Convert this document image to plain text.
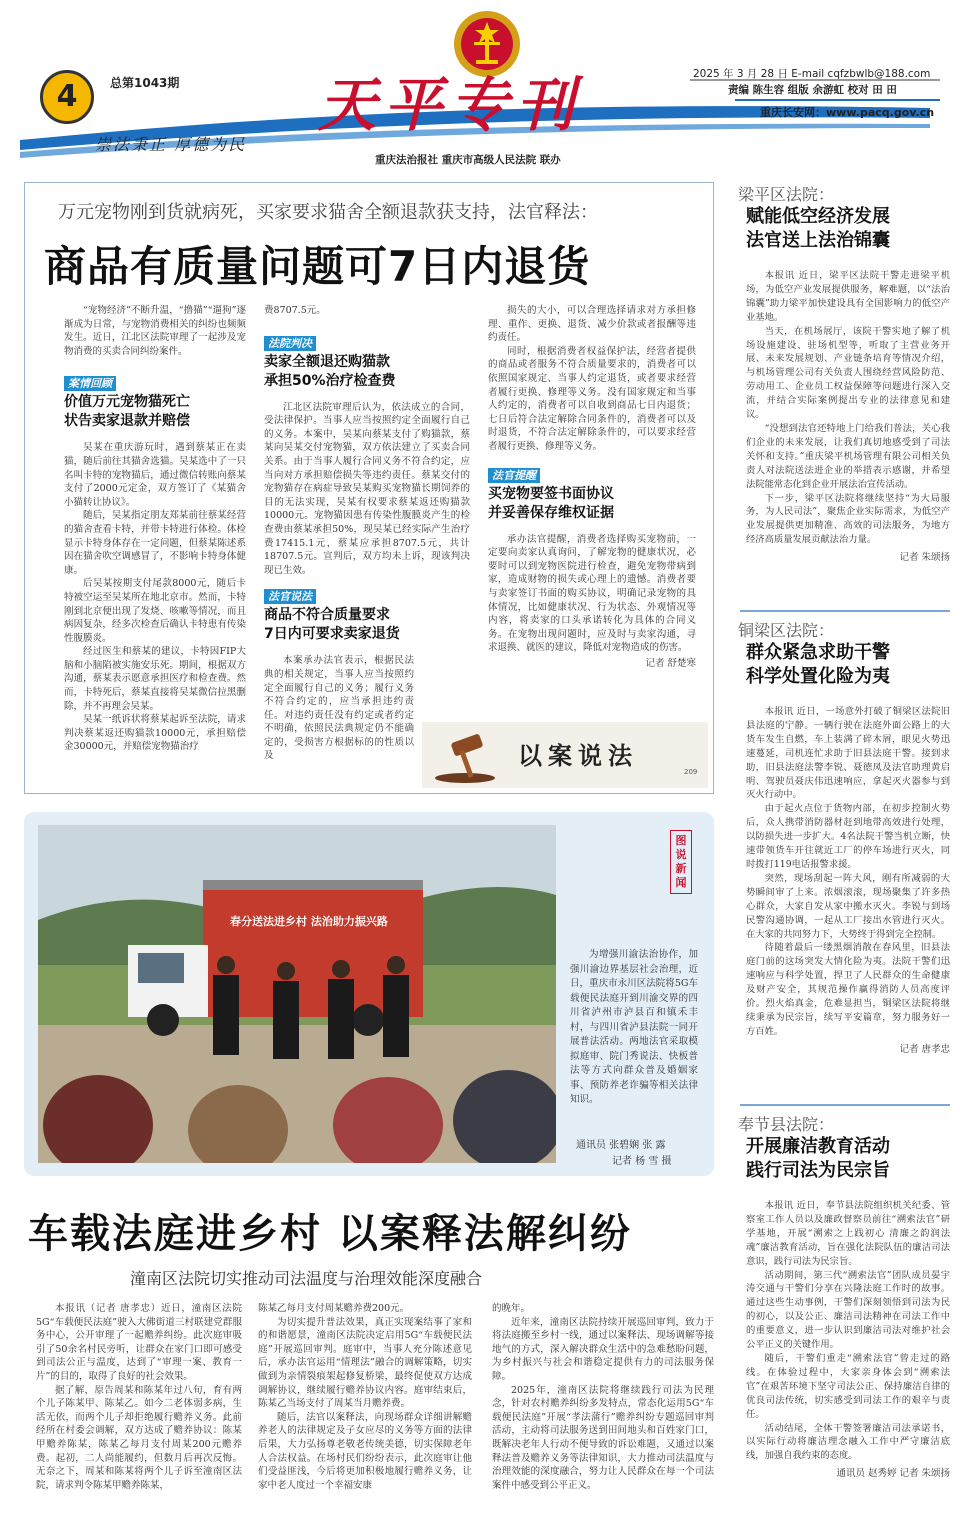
4	总第1043期
崇法秉正 厚德为民
天平专刊
重庆法治报社 重庆市高级人民法院 联办
2025 年 3 月 28 日 E-mail cqfzbwlb@188.com
责编 陈生容 组版 余游虹 校对 田 田
重庆长安网：www.pacq.gov.cn
万元宠物刚到货就病死，买家要求猫舍全额退款获支持，法官释法：
商品有质量问题可7日内退货
“宠物经济”不断升温，“撸猫”“遛狗”逐渐成为日常，与宠物消费相关的纠纷也频频发生。近日，江北区法院审理了一起涉及宠物消费的买卖合同纠纷案件。
案情回顾
价值万元宠物猫死亡
状告卖家退款并赔偿

吴某在重庆游玩时，遇到蔡某正在卖猫，随后前往其猫舍选猫。吴某选中了一只名叫卡特的宠物猫后，通过微信转账向蔡某支付了2000元定金，双方签订了《某猫舍小猫转让协议》。

随后，吴某指定朋友郑某前往蔡某经营的猫舍查看卡特，并带卡特进行体检。体检显示卡特身体存在一定问题，但蔡某陈述系因在猫舍吹空调感冒了，不影响卡特身体健康。

后吴某按期支付尾款8000元，随后卡特被空运至吴某所在地北京市。然而，卡特刚到北京便出现了发烧、咳嗽等情况，而且病因复杂，经多次检查后确认卡特患有传染性腹膜炎。

经过医生和蔡某的建议，卡特因FIP大脑和小脑陷被实施安乐死。期间，根据双方沟通，蔡某表示愿意承担医疗和检查费。然而，卡特死后，蔡某直接将吴某微信拉黑删除，并不再理会吴某。

吴某一纸诉状将蔡某起诉至法院，请求判决蔡某返还购猫款10000元，承担赔偿金30000元，并赔偿宠物猫治疗

费8707.5元。
法院判决
卖家全额退还购猫款
承担50%治疗检查费

江北区法院审理后认为，依法成立的合同，受法律保护。当事人应当按照约定全面履行自己的义务。本案中，吴某向蔡某支付了购猫款，蔡某向吴某交付宠物猫，双方依法建立了买卖合同关系。由于当事人履行合同义务不符合约定，应当向对方承担赔偿损失等违约责任。蔡某交付的宠物猫存在病症导致吴某购买宠物猫长期饲养的目的无法实现，吴某有权要求蔡某返还购猫款10000元。宠物猫因患有传染性腹膜炎产生的检查费由蔡某承担50%，现吴某已经实际产生治疗费17415.1元，蔡某应承担8707.5元，共计18707.5元。宣判后，双方均未上诉，现该判决现已生效。

法官说法
商品不符合质量要求
7日内可要求卖家退货

本案承办法官表示，根据民法典的相关规定，当事人应当按照约定全面履行自己的义务；履行义务不符合约定的，应当承担违约责任。对违约责任没有约定或者约定不明确，依照民法典规定仍不能确定的，受损害方根据标的的性质以及

损失的大小，可以合理选择请求对方承担修理、重作、更换、退货、减少价款或者报酬等违约责任。

同时，根据消费者权益保护法，经营者提供的商品或者服务不符合质量要求的，消费者可以依照国家规定、当事人约定退货，或者要求经营者履行更换、修理等义务。没有国家规定和当事人约定的，消费者可以自收到商品七日内退货；七日后符合法定解除合同条件的，消费者可以及时退货，不符合法定解除条件的，可以要求经营者履行更换、修理等义务。

法官提醒
买宠物要签书面协议
并妥善保存维权证据

承办法官提醒，消费者选择购买宠物前，一定要向卖家认真询问，了解宠物的健康状况，必要时可以到宠物医院进行检查，避免宠物带病到家，造成财物的损失或心理上的遗憾。消费者要与卖家签订书面的购买协议，明确记录宠物的具体情况，比如健康状况、行为状态、外观情况等内容，将卖家的口头承诺转化为具体的合同义务。在宠物出现问题时，应及时与卖家沟通，寻求退换、就医的建议，降低对宠物造成的伤害。

记者 舒楚寒
以案说法
209
梁平区法院：
赋能低空经济发展
法官送上法治锦囊

本报讯 近日，梁平区法院干警走进梁平机场，为低空产业发展提供服务，解难题，以“法治锦囊”助力梁平加快建设具有全国影响力的低空产业基地。

当天，在机场展厅，该院干警实地了解了机场设施建设、驻场机型等，听取了主营业务开展、未来发展规划、产业链条培育等情况介绍，与机场管理公司有关负责人围绕经营风险防范、劳动用工、企业员工权益保障等问题进行深入交流，并结合实际案例提出专业的法律意见和建议。

“没想到法官还特地上门给我们普法，关心我们企业的未来发展，让我们真切地感受到了司法关怀和支持。”重庆梁平机场管理有限公司相关负责人对法院送法进企业的举措表示感谢，并希望法院能常态化到企业开展法治宣传活动。

下一步，梁平区法院将继续坚持“为大局服务，为人民司法”，聚焦企业实际需求，为低空产业发展提供更加精准、高效的司法服务，为地方经济高质量发展贡献法治力量。

记者 朱颂扬
铜梁区法院：
群众紧急求助干警
科学处置化险为夷

本报讯 近日，一场意外打破了铜梁区法院旧县法庭的宁静。一辆行驶在法庭外面公路上的大货车发生自燃，车上装满了碎木屑，眼见火势迅速蔓延，司机连忙求助于旧县法庭干警。接到求助，旧县法庭法警李锐、聂徳凤及法官助理黄启明、驾驶员聂庆伟迅速响应，拿起灭火器参与到灭火行动中。

由于起火点位于货物内部，在初步控制火势后，众人携带消防器材赶到地带高效进行处理，以防损失进一步扩大。4名法院干警当机立断，快速带领货车开往就近工厂的停车场进行灭火，同时拨打119电话报警求援。

突然，现场刮起一阵大风，刚有所减弱的大势瞬间审了上来。浓烟滚滚，现场聚集了许多热心群众，大家自发从家中搬水灭火。李锐与到场民警沟通协调，一起从工厂接出水管进行灭火。在大家的共同努力下，大势终于得到完全控制。

待随着最后一缕黑烟消散在春风里，旧县法庭门前的这场突发大情化险为夷。法院干警们迅速响应与科学处置，捍卫了人民群众的生命健康及财产安全，其规范操作赢得消防人员高度评价。烈火焰真金，危难显担当，铜梁区法院将继续秉承为民宗旨，续写平安篇章，努力服务好一方百姓。

记者 唐孝忠
奉节县法院：
开展廉洁教育活动
践行司法为民宗旨

本报讯 近日，奉节县法院组织机关纪委、管察室工作人员以及廉政督察员前往“溯索法官”研学基地，开展“溯索之上践初心 清廉之韵润法魂”廉洁教育活动，旨在强化法院队伍的廉洁司法意识，践行司法为民宗旨。

活动期间，第三代“溯索法官”团队成员晏宇涛交通与干警们分享在兴隆法庭工作时的故事。通过这些生动事例，干警们深刻领悟到司法为民的初心，以及公正、廉洁司法精神在司法工作中的重要意义，进一步认识到廉洁司法对维护社会公平正义的关键作用。

随后，干警们重走“溯索法官”曾走过的路线。在体验过程中，大家亲身体会到“溯索法官”在艰苦环境下坚守司法公正、保持廉洁自律的优良司法传统，切实感受到司法工作的艰辛与责任。

活动结尾，全体干警签署廉洁司法承诺书，以实际行动将廉洁理念融入工作中严守廉洁底线，加强自我约束的态度。

通讯员 赵秀婷 记者 朱颂扬
春分送法进乡村 法治助力振兴路
图说新闻
为增强川渝法治协作，加强川渝边界基层社会治理，近日，重庆市永川区法院将5G车载便民法庭开到川渝交界的四川省泸州市泸县百和镇禾丰村，与四川省泸县法院一同开展普法活动。两地法官采取模拟庭审、院门秀说法、快板普法等方式向群众普及婚姻家事、预防养老诈骗等相关法律知识。
通讯员 张碧娴 张 露
记者 杨 雪 摄
车载法庭进乡村 以案释法解纠纷
潼南区法院切实推动司法温度与治理效能深度融合

本报讯（记者 唐孝忠）近日，潼南区法院5G“车载便民法庭”驶入大佛街道三村联建党群服务中心，公开审理了一起赡养纠纷。此次庭审吸引了50余名村民旁听，让群众在家门口即可感受到司法公正与温度，达到了“审理一案、教育一片”的目的，取得了良好的社会效果。

据了解，原告周某和陈某年过八旬，育有两个儿子陈某甲、陈某乙。如今二老体弱多病，生活无依，而两个儿子却拒绝履行赡养义务。此前经所在村委会调解，双方达成了赡养协议：陈某甲赡养陈某，陈某乙每月支付周某200元赡养费。起初，二人尚能履约，但数月后再次反悔。无奈之下，周某和陈某将两个儿子诉至潼南区法院，请求判令陈某甲赡养陈某，

陈某乙每月支付周某赡养费200元。

为切实提升普法效果，真正实现案结事了家和的和谐愿景，潼南区法院决定启用5G“车载便民法庭”开展巡回审判。庭审中，当事人充分陈述意见后，承办法官运用“情理法”融合的调解策略，切实做到为亲情裂痕架起修复桥梁，最终促使双方达成调解协议，继续履行赡养协议内容。庭审结束后，陈某乙当场支付了周某当月赡养费。

随后，法官以案释法，向现场群众详细讲解赡养老人的法律规定及子女应尽的义务等方面的法律后果，大力弘扬尊老敬老传统美德，切实保障老年人合法权益。在场村民们纷纷表示，此次庭审让他们受益匪浅，今后将更加积极地履行赡养义务，让家中老人度过一个幸福安康

的晚年。

近年来，潼南区法院持续开展巡回审判，致力于将法庭搬至乡村一线，通过以案释法、现场调解等接地气的方式，深入解决群众生活中的急难愁盼问题，为乡村振兴与社会和谐稳定提供有力的司法服务保障。

2025年，潼南区法院将继续践行司法为民理念，针对农村赡养纠纷多发特点，常态化运用5G“车载便民法庭”开展“孝法蒲行”赡养纠纷专题巡回审判活动，主动将司法服务送到田间地头和百姓家门口，既解决老年人行动不便导致的诉讼难题，又通过以案释法普及赡养义务等法律知识，大力推动司法温度与治理效能的深度融合，努力让人民群众在每一个司法案件中感受到公平正义。
